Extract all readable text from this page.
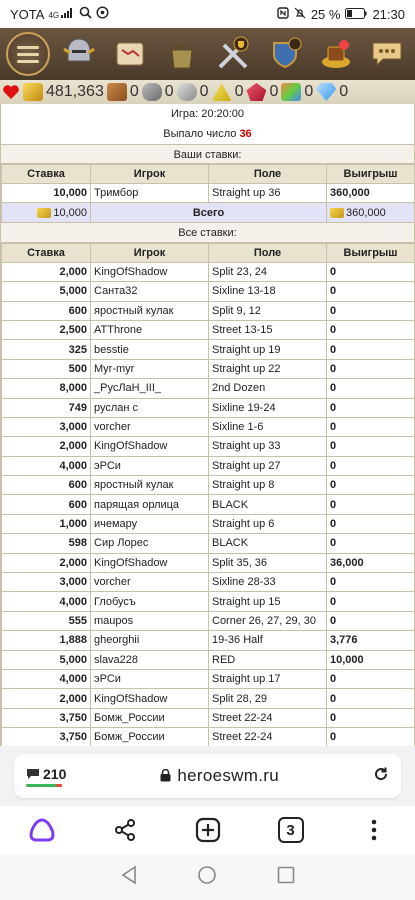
YOTA 4G	25 % 21:30
481,363 0 0 0 0 0 0 0
Игра: 20:20:00
Выпало число 36
Ваши ставки:
Ставка	Игрок	Поле	Выигрыш
10,000	Тримбор	Straight up 36	360,000
10,000	Всего		360,000
Все ставки:
Ставка	Игрок	Поле	Выигрыш
2,000	KingOfShadow	Split 23, 24	0
5,000	Санта32	Sixline 13-18	0
600	яростный кулак	Split 9, 12	0
2,500	ATThrone	Street 13-15	0
325	besstie	Straight up 19	0
500	Myr-myr	Straight up 22	0
8,000	_РусЛаН_III_	2nd Dozen	0
749	руслан с	Sixline 19-24	0
3,000	vorcher	Sixline 1-6	0
2,000	KingOfShadow	Straight up 33	0
4,000	эРСи	Straight up 27	0
600	яростный кулак	Straight up 8	0
600	парящая орлица	BLACK	0
1,000	ичемару	Straight up 6	0
598	Сир Лорес	BLACK	0
2,000	KingOfShadow	Split 35, 36	36,000
3,000	vorcher	Sixline 28-33	0
4,000	Глобусъ	Straight up 15	0
555	maupos	Corner 26, 27, 29, 30	0
1,888	gheorghii	19-36 Half	3,776
5,000	slava228	RED	10,000
4,000	эРСи	Straight up 17	0
2,000	KingOfShadow	Split 28, 29	0
3,750	Бомж_России	Street 22-24	0
3,750	Бомж_России	Street 22-24	0
210	heroeswm.ru
3
